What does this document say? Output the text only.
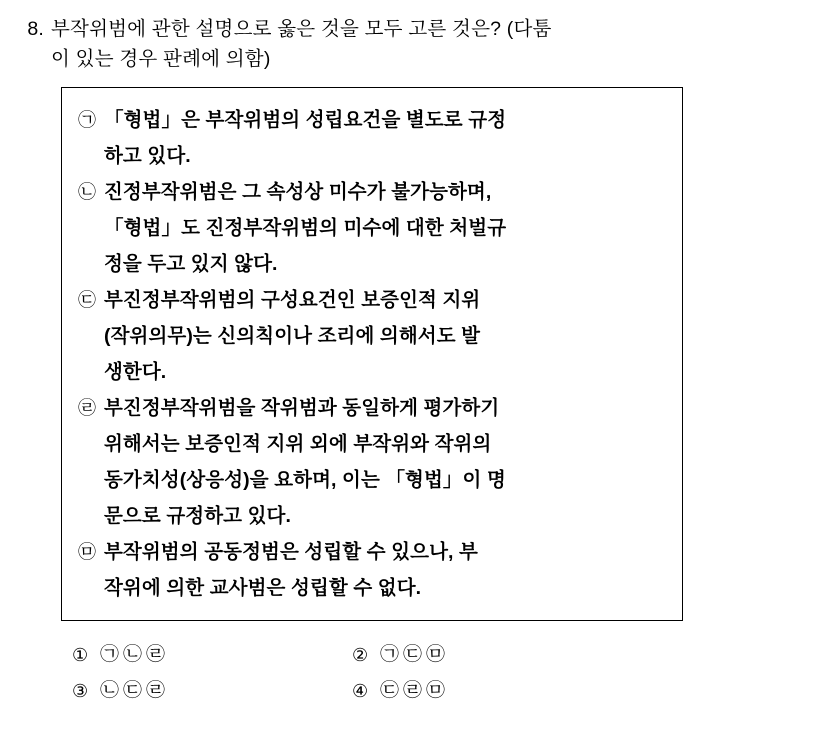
8. 부작위범에 관한 설명으로 옳은 것을 모두 고른 것은? (다툼
이 있는 경우 판례에 의함)
㉠ 「형법」은 부작위범의 성립요건을 별도로 규정
하고 있다.
㉡ 진정부작위범은 그 속성상 미수가 불가능하며,
「형법」도 진정부작위범의 미수에 대한 처벌규
정을 두고 있지 않다.
㉢ 부진정부작위범의 구성요건인 보증인적 지위
(작위의무)는 신의칙이나 조리에 의해서도 발
생한다.
㉣ 부진정부작위범을 작위범과 동일하게 평가하기
위해서는 보증인적 지위 외에 부작위와 작위의
동가치성(상응성)을 요하며, 이는 「형법」이 명
문으로 규정하고 있다.
㉤ 부작위범의 공동정범은 성립할 수 있으나, 부
작위에 의한 교사범은 성립할 수 없다.
① ㉠㉡㉣	② ㉠㉢㉤
③ ㉡㉢㉣	④ ㉢㉣㉤
